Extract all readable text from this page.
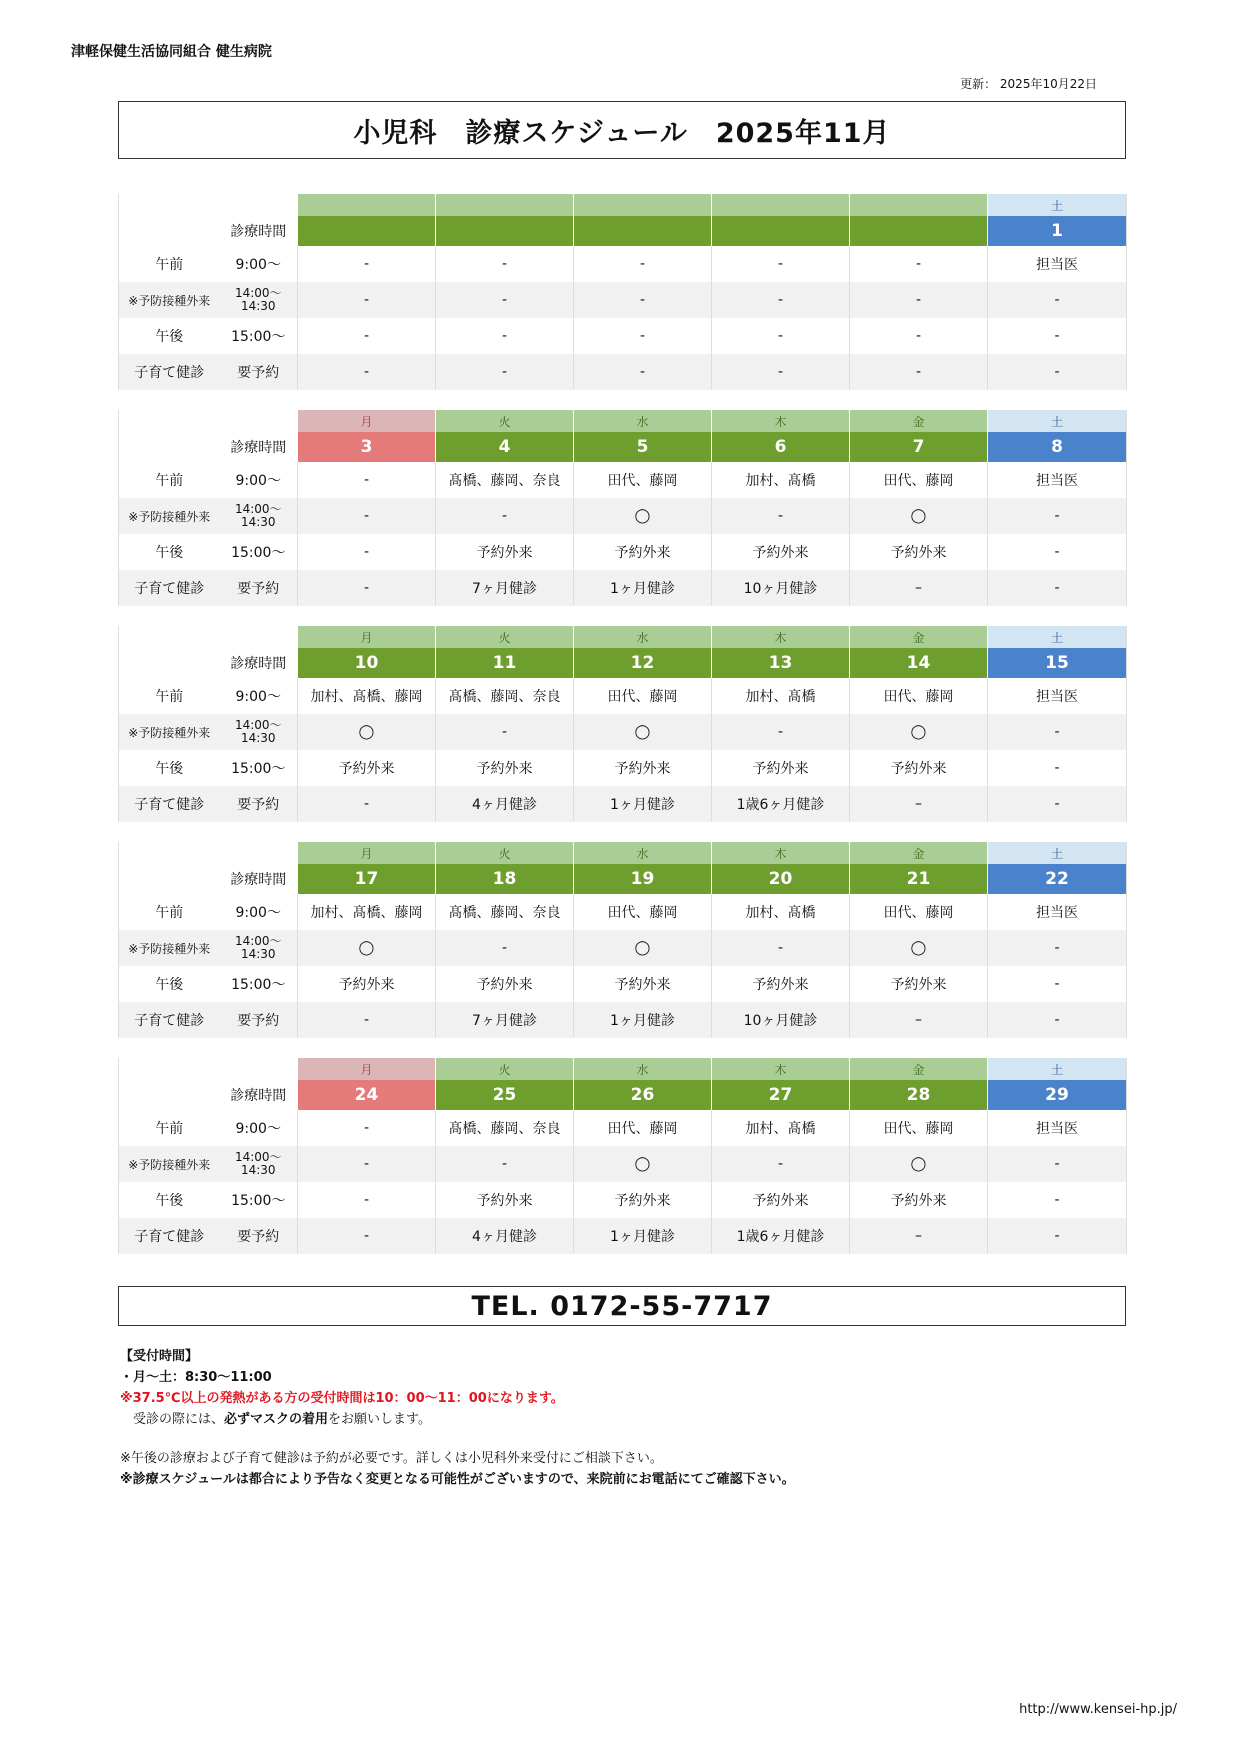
津軽保健生活協同組合 健生病院
更新： 2025年10月22日
小児科　診療スケジュール　2025年11月
							土
	診療時間						1
午前	9:00〜	-	-	-	-	-	担当医
※予防接種外来	14:00〜
14:30	-	-	-	-	-	-
午後	15:00〜	-	-	-	-	-	-
子育て健診	要予約	-	-	-	-	-	-
		月	火	水	木	金	土
	診療時間	3	4	5	6	7	8
午前	9:00〜	-	髙橋、藤岡、奈良	田代、藤岡	加村、髙橋	田代、藤岡	担当医
※予防接種外来	14:00〜
14:30	-	-	◯	-	◯	-
午後	15:00〜	-	予約外来	予約外来	予約外来	予約外来	-
子育て健診	要予約	-	7ヶ月健診	1ヶ月健診	10ヶ月健診	–	-
		月	火	水	木	金	土
	診療時間	10	11	12	13	14	15
午前	9:00〜	加村、髙橋、藤岡	髙橋、藤岡、奈良	田代、藤岡	加村、髙橋	田代、藤岡	担当医
※予防接種外来	14:00〜
14:30	◯	-	◯	-	◯	-
午後	15:00〜	予約外来	予約外来	予約外来	予約外来	予約外来	-
子育て健診	要予約	-	4ヶ月健診	1ヶ月健診	1歳6ヶ月健診	–	-
		月	火	水	木	金	土
	診療時間	17	18	19	20	21	22
午前	9:00〜	加村、髙橋、藤岡	髙橋、藤岡、奈良	田代、藤岡	加村、髙橋	田代、藤岡	担当医
※予防接種外来	14:00〜
14:30	◯	-	◯	-	◯	-
午後	15:00〜	予約外来	予約外来	予約外来	予約外来	予約外来	-
子育て健診	要予約	-	7ヶ月健診	1ヶ月健診	10ヶ月健診	–	-
		月	火	水	木	金	土
	診療時間	24	25	26	27	28	29
午前	9:00〜	-	髙橋、藤岡、奈良	田代、藤岡	加村、髙橋	田代、藤岡	担当医
※予防接種外来	14:00〜
14:30	-	-	◯	-	◯	-
午後	15:00〜	-	予約外来	予約外来	予約外来	予約外来	-
子育て健診	要予約	-	4ヶ月健診	1ヶ月健診	1歳6ヶ月健診	–	-
TEL. 0172-55-7717
【受付時間】
・月〜土：8:30〜11:00
※37.5℃以上の発熱がある方の受付時間は10：00〜11：00になります。
　受診の際には、必ずマスクの着用をお願いします。
※午後の診療および子育て健診は予約が必要です。詳しくは小児科外来受付にご相談下さい。
※診療スケジュールは都合により予告なく変更となる可能性がございますので、来院前にお電話にてご確認下さい。
http://www.kensei-hp.jp/
